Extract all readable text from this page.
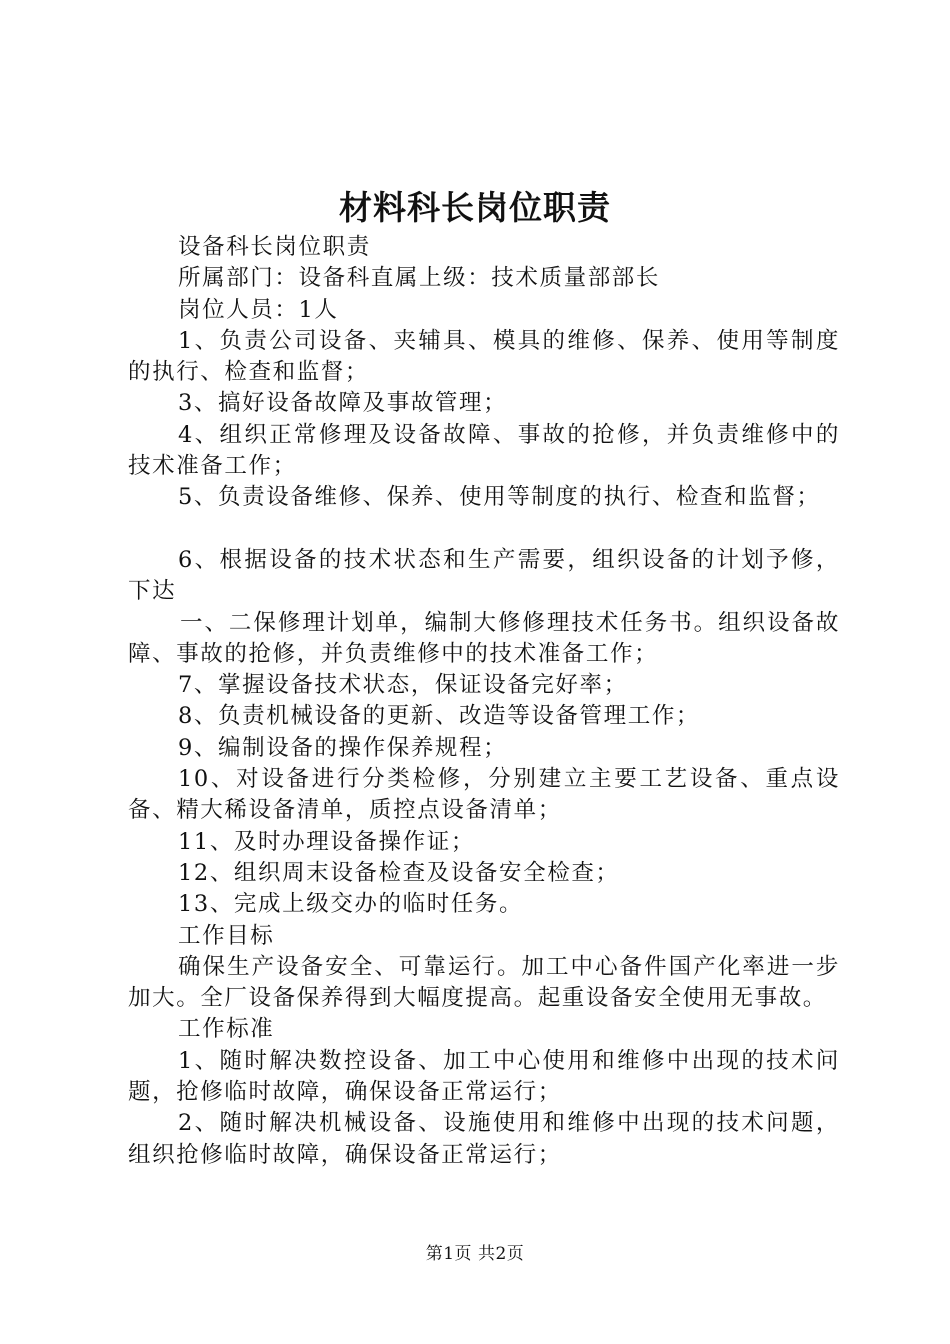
材料科长岗位职责

设备科长岗位职责

所属部门：设备科直属上级：技术质量部部长

岗位人员：1人

1、负责公司设备、夹辅具、模具的维修、保养、使用等制度的执行、检查和监督；

3、搞好设备故障及事故管理；

4、组织正常修理及设备故障、事故的抢修，并负责维修中的技术准备工作；

5、负责设备维修、保养、使用等制度的执行、检查和监督；

6、根据设备的技术状态和生产需要，组织设备的计划予修，下达

一、二保修理计划单，编制大修修理技术任务书。组织设备故障、事故的抢修，并负责维修中的技术准备工作；

7、掌握设备技术状态，保证设备完好率；

8、负责机械设备的更新、改造等设备管理工作；

9、编制设备的操作保养规程；

10、对设备进行分类检修，分别建立主要工艺设备、重点设备、精大稀设备清单，质控点设备清单；

11、及时办理设备操作证；

12、组织周末设备检查及设备安全检查；

13、完成上级交办的临时任务。

工作目标

确保生产设备安全、可靠运行。加工中心备件国产化率进一步加大。全厂设备保养得到大幅度提高。起重设备安全使用无事故。

工作标准

1、随时解决数控设备、加工中心使用和维修中出现的技术问题，抢修临时故障，确保设备正常运行；

2、随时解决机械设备、设施使用和维修中出现的技术问题，组织抢修临时故障，确保设备正常运行；

第1页 共2页
